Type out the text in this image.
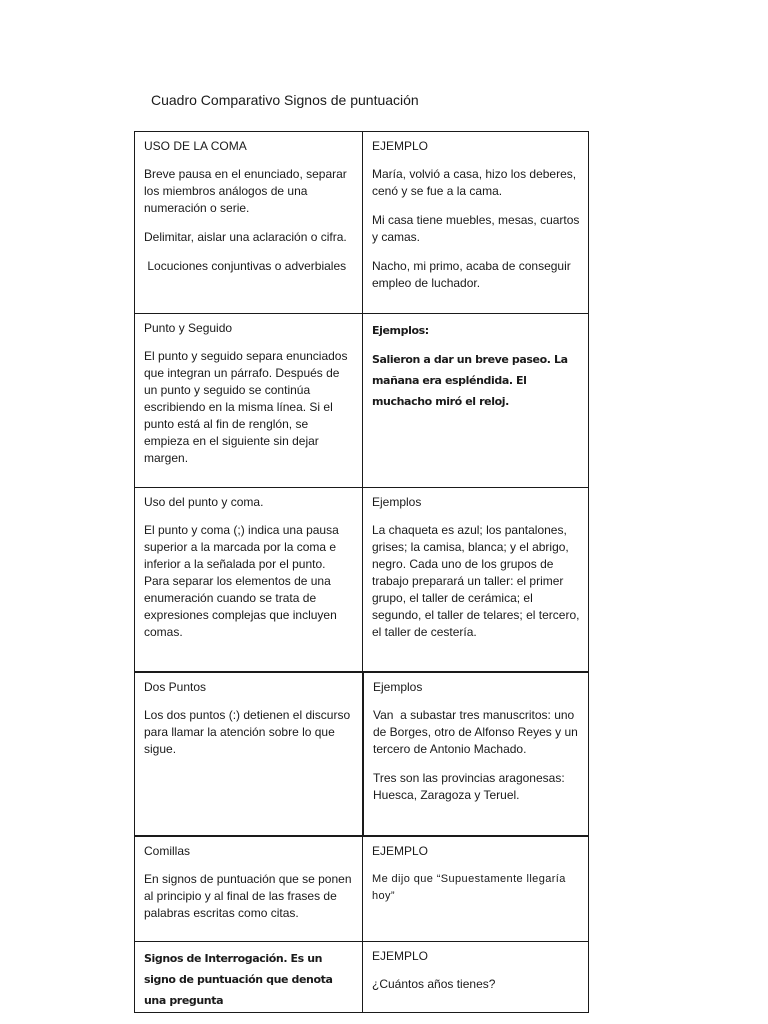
Cuadro Comparativo Signos de puntuación
USO DE LA COMA

Breve pausa en el enunciado, separar los miembros análogos de una numeración o serie.

Delimitar, aislar una aclaración o cifra.

Locuciones conjuntivas o adverbiales

EJEMPLO

María, volvió a casa, hizo los deberes, cenó y se fue a la cama.

Mi casa tiene muebles, mesas, cuartos y camas.

Nacho, mi primo, acaba de conseguir empleo de luchador.

Punto y Seguido

El punto y seguido separa enunciados que integran un párrafo. Después de un punto y seguido se continúa escribiendo en la misma línea. Si el punto está al fin de renglón, se empieza en el siguiente sin dejar margen.

Ejemplos:

Salieron a dar un breve paseo. La mañana era espléndida. El muchacho miró el reloj.

Uso del punto y coma.

El punto y coma (;) indica una pausa superior a la marcada por la coma e inferior a la señalada por el punto. Para separar los elementos de una enumeración cuando se trata de expresiones complejas que incluyen comas.

Ejemplos

La chaqueta es azul; los pantalones, grises; la camisa, blanca; y el abrigo, negro. Cada uno de los grupos de trabajo preparará un taller: el primer grupo, el taller de cerámica; el segundo, el taller de telares; el tercero, el taller de cestería.

Dos Puntos

Los dos puntos (:) detienen el discurso para llamar la atención sobre lo que sigue.

Ejemplos

Van  a subastar tres manuscritos: uno de Borges, otro de Alfonso Reyes y un tercero de Antonio Machado.

Tres son las provincias aragonesas: Huesca, Zaragoza y Teruel.

Comillas

En signos de puntuación que se ponen al principio y al final de las frases de palabras escritas como citas.

EJEMPLO

Me dijo que “Supuestamente llegaría hoy”

Signos de Interrogación. Es un signo de puntuación que denota una pregunta

EJEMPLO

¿Cuántos años tienes?
